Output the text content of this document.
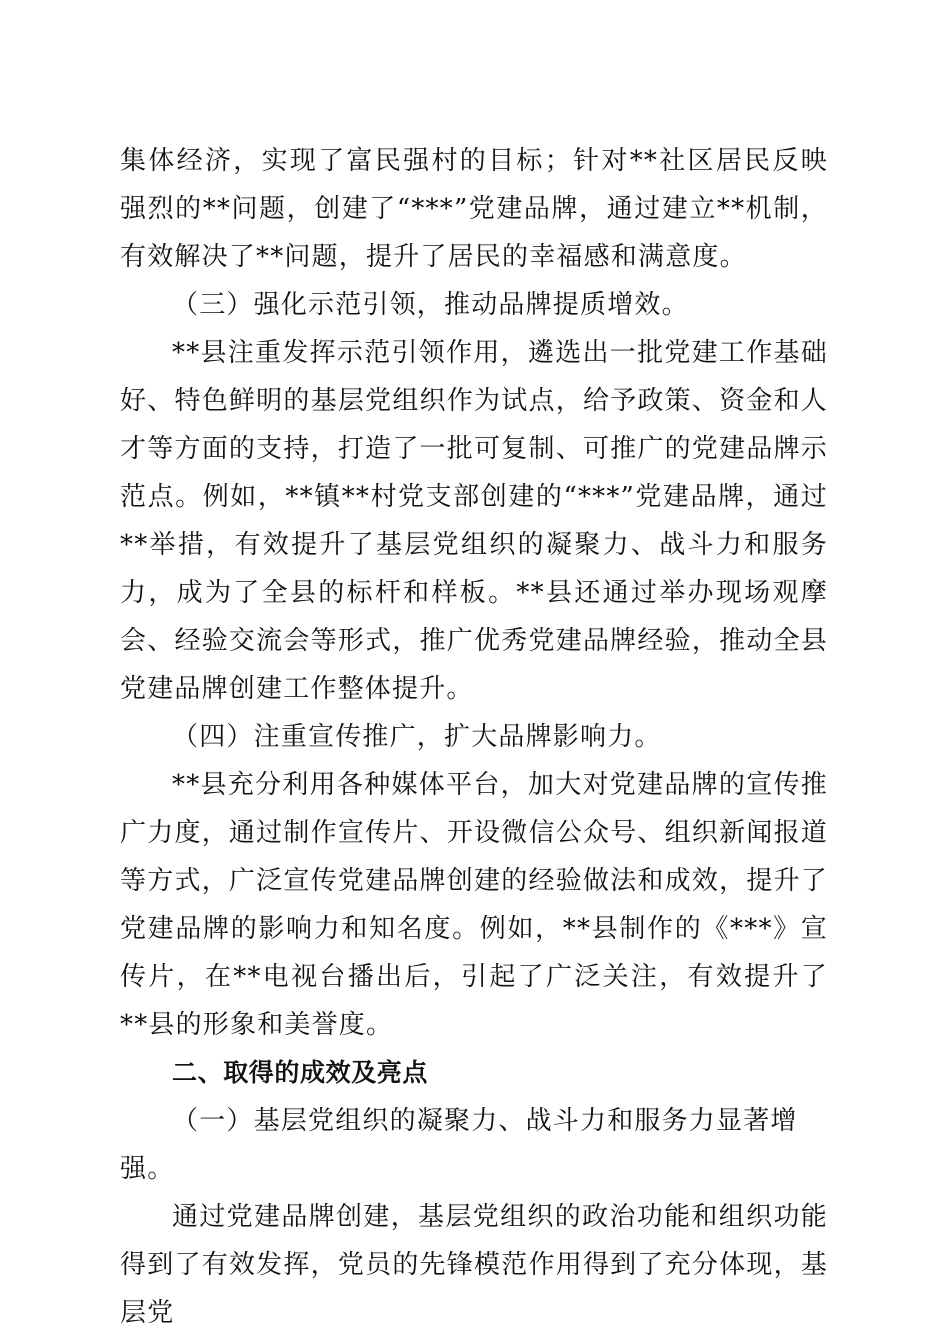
集体经济，实现了富民强村的目标；针对**社区居民反映强烈的**问题，创建了“***”党建品牌，通过建立**机制，有效解决了**问题，提升了居民的幸福感和满意度。

（三）强化示范引领，推动品牌提质增效。

**县注重发挥示范引领作用，遴选出一批党建工作基础好、特色鲜明的基层党组织作为试点，给予政策、资金和人才等方面的支持，打造了一批可复制、可推广的党建品牌示范点。例如，**镇**村党支部创建的“***”党建品牌，通过**举措，有效提升了基层党组织的凝聚力、战斗力和服务力，成为了全县的标杆和样板。**县还通过举办现场观摩会、经验交流会等形式，推广优秀党建品牌经验，推动全县党建品牌创建工作整体提升。

（四）注重宣传推广，扩大品牌影响力。

**县充分利用各种媒体平台，加大对党建品牌的宣传推广力度，通过制作宣传片、开设微信公众号、组织新闻报道等方式，广泛宣传党建品牌创建的经验做法和成效，提升了党建品牌的影响力和知名度。例如，**县制作的《***》宣传片，在**电视台播出后，引起了广泛关注，有效提升了**县的形象和美誉度。

二、取得的成效及亮点

（一）基层党组织的凝聚力、战斗力和服务力显著增强。

通过党建品牌创建，基层党组织的政治功能和组织功能得到了有效发挥，党员的先锋模范作用得到了充分体现，基层党
